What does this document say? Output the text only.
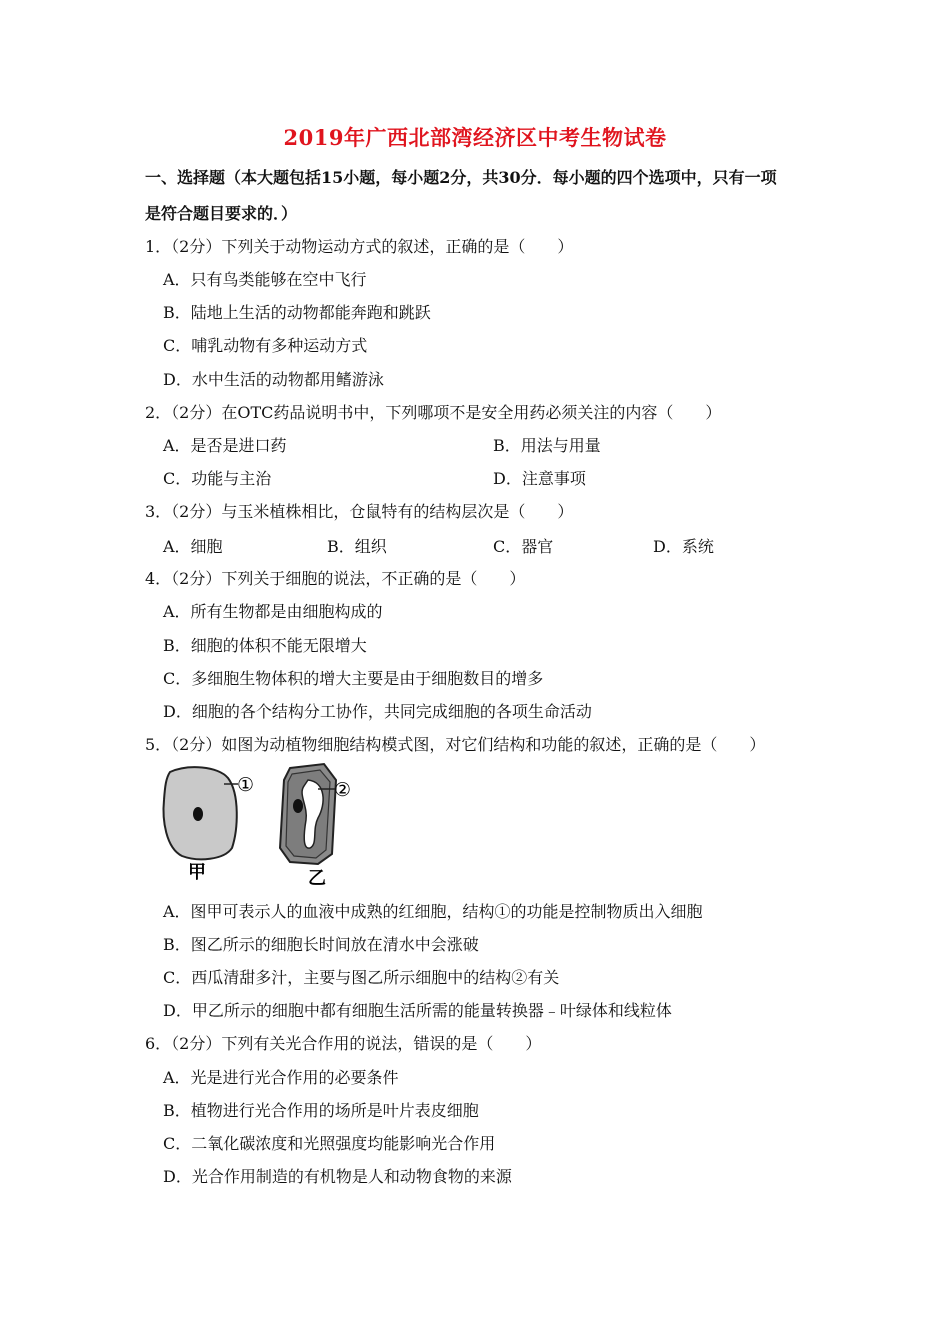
2019年广西北部湾经济区中考生物试卷
一、选择题（本大题包括15小题，每小题2分，共30分．每小题的四个选项中，只有一项
是符合题目要求的．）
1．（2分）下列关于动物运动方式的叙述，正确的是（　　）
A．只有鸟类能够在空中飞行
B．陆地上生活的动物都能奔跑和跳跃
C．哺乳动物有多种运动方式
D．水中生活的动物都用鳍游泳
2．（2分）在OTC药品说明书中，下列哪项不是安全用药必须关注的内容（　　）
A．是否是进口药	B．用法与用量
C．功能与主治	D．注意事项
3．（2分）与玉米植株相比，仓鼠特有的结构层次是（　　）
A．细胞	B．组织	C．器官	D．系统
4．（2分）下列关于细胞的说法，不正确的是（　　）
A．所有生物都是由细胞构成的
B．细胞的体积不能无限增大
C．多细胞生物体积的增大主要是由于细胞数目的增多
D．细胞的各个结构分工协作，共同完成细胞的各项生命活动
5．（2分）如图为动植物细胞结构模式图，对它们结构和功能的叙述，正确的是（　　）
①
甲
②
乙
A．图甲可表示人的血液中成熟的红细胞，结构①的功能是控制物质出入细胞
B．图乙所示的细胞长时间放在清水中会涨破
C．西瓜清甜多汁，主要与图乙所示细胞中的结构②有关
D．甲乙所示的细胞中都有细胞生活所需的能量转换器﹣叶绿体和线粒体
6．（2分）下列有关光合作用的说法，错误的是（　　）
A．光是进行光合作用的必要条件
B．植物进行光合作用的场所是叶片表皮细胞
C．二氧化碳浓度和光照强度均能影响光合作用
D．光合作用制造的有机物是人和动物食物的来源
